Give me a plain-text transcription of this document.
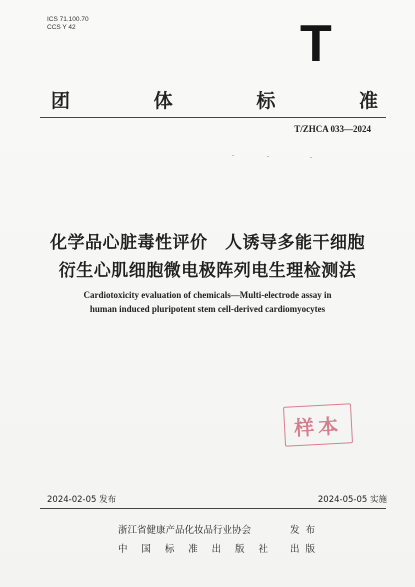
ICS 71.100.70
CCS Y 42	T
团	体	标	准
T/ZHCA 033—2024
化学品心脏毒性评价　人诱导多能干细胞
衍生心肌细胞微电极阵列电生理检测法
Cardiotoxicity evaluation of chemicals—Multi-electrode assay in
human induced pluripotent stem cell-derived cardiomyocytes
样本
2024-02-05 发布	2024-05-05 实施
浙江省健康产品化妆品行业协会	发布
中 国 标 准 出 版 社 出版
